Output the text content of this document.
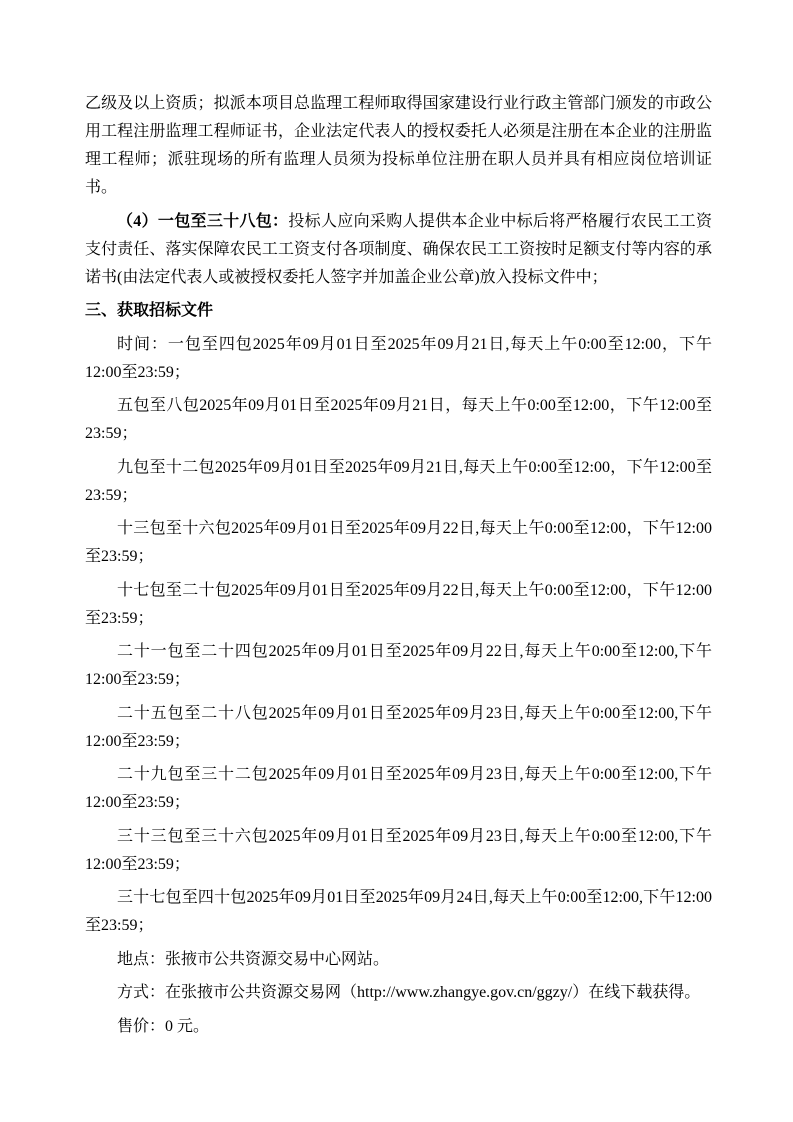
乙级及以上资质；拟派本项目总监理工程师取得国家建设行业行政主管部门颁发的市政公用工程注册监理工程师证书，企业法定代表人的授权委托人必须是注册在本企业的注册监理工程师；派驻现场的所有监理人员须为投标单位注册在职人员并具有相应岗位培训证书。

（4）一包至三十八包：投标人应向采购人提供本企业中标后将严格履行农民工工资支付责任、落实保障农民工工资支付各项制度、确保农民工工资按时足额支付等内容的承诺书(由法定代表人或被授权委托人签字并加盖企业公章)放入投标文件中；

三、获取招标文件

时间：一包至四包2025年09月01日至2025年09月21日,每天上午0:00至12:00，下午12:00至23:59；

五包至八包2025年09月01日至2025年09月21日，每天上午0:00至12:00，下午12:00至23:59；

九包至十二包2025年09月01日至2025年09月21日,每天上午0:00至12:00，下午12:00至23:59；

十三包至十六包2025年09月01日至2025年09月22日,每天上午0:00至12:00，下午12:00至23:59；

十七包至二十包2025年09月01日至2025年09月22日,每天上午0:00至12:00，下午12:00至23:59；

二十一包至二十四包2025年09月01日至2025年09月22日,每天上午0:00至12:00,下午12:00至23:59；

二十五包至二十八包2025年09月01日至2025年09月23日,每天上午0:00至12:00,下午12:00至23:59；

二十九包至三十二包2025年09月01日至2025年09月23日,每天上午0:00至12:00,下午12:00至23:59；

三十三包至三十六包2025年09月01日至2025年09月23日,每天上午0:00至12:00,下午12:00至23:59；

三十七包至四十包2025年09月01日至2025年09月24日,每天上午0:00至12:00,下午12:00至23:59；

地点：张掖市公共资源交易中心网站。

方式：在张掖市公共资源交易网（http://www.zhangye.gov.cn/ggzy/）在线下载获得。

售价：0 元。
